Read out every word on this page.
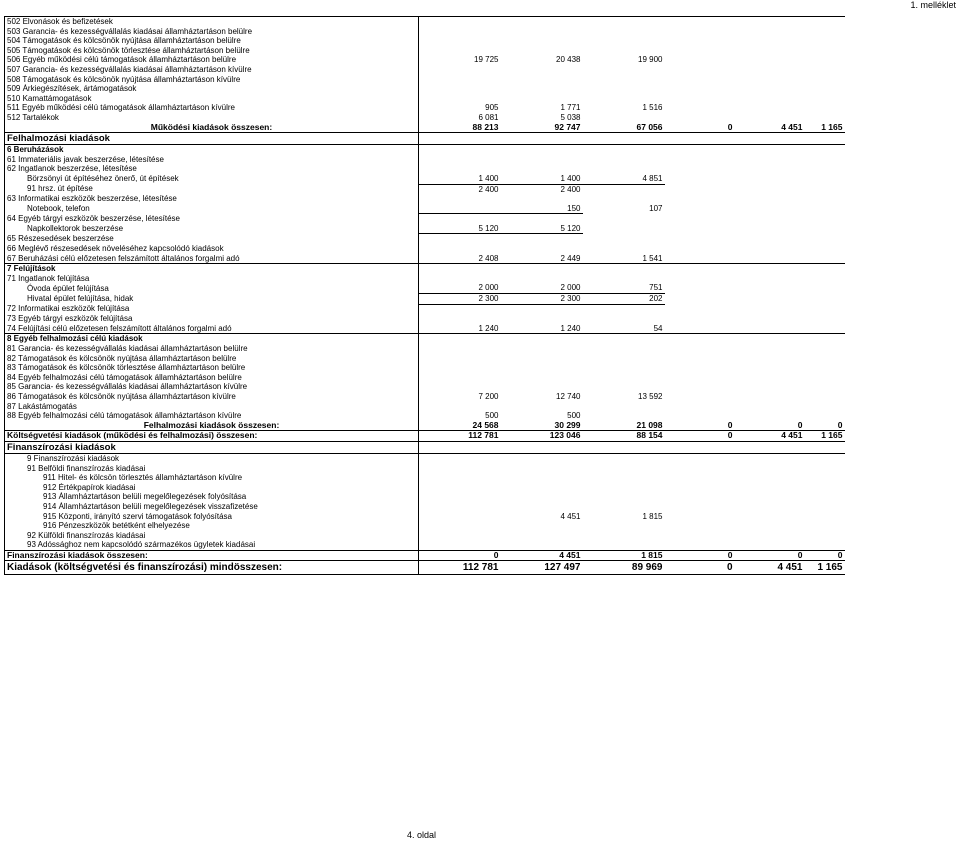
1. melléklet
502 Elvonások és befizetések						
503 Garancia- és kezességvállalás kiadásai államháztartáson belülre						
504 Támogatások és kölcsönök nyújtása államháztartáson belülre						
505 Támogatások és kölcsönök törlesztése államháztartáson belülre						
506 Egyéb működési célú támogatások államháztartáson belülre	19 725	20 438	19 900			
507 Garancia- és kezességvállalás kiadásai államháztartáson kívülre						
508 Támogatások és kölcsönök nyújtása államháztartáson kívülre						
509 Árkiegészítések, ártámogatások						
510 Kamattámogatások						
511 Egyéb működési célú támogatások államháztartáson kívülre	905	1 771	1 516			
512 Tartalékok	6 081	5 038				
Működési kiadások összesen:	88 213	92 747	67 056	0	4 451	1 165
Felhalmozási kiadások						
6 Beruházások						
61 Immateriális javak beszerzése, létesítése						
62 Ingatlanok beszerzése, létesítése						
Börzsönyi út építéséhez önerő, út építések	1 400	1 400	4 851			
91 hrsz. út építése	2 400	2 400				
63 Informatikai eszközök beszerzése, létesítése						
Notebook, telefon		150	107			
64 Egyéb tárgyi eszközök beszerzése, létesítése						
Napkollektorok beszerzése	5 120	5 120				
65 Részesedések beszerzése						
66 Meglévő részesedések növeléséhez kapcsolódó kiadások						
67 Beruházási célú előzetesen felszámított általános forgalmi adó	2 408	2 449	1 541			
7 Felújítások						
71 Ingatlanok felújítása						
Óvoda épület felújítása	2 000	2 000	751			
Hivatal épület felújítása, hidak	2 300	2 300	202			
72 Informatikai eszközök felújítása						
73 Egyéb tárgyi eszközök felújítása						
74 Felújítási célú előzetesen felszámított általános forgalmi adó	1 240	1 240	54			
8 Egyéb felhalmozási célú kiadások						
81 Garancia- és kezességvállalás kiadásai államháztartáson belülre						
82 Támogatások és kölcsönök nyújtása államháztartáson belülre						
83 Támogatások és kölcsönök törlesztése államháztartáson belülre						
84 Egyéb felhalmozási célú támogatások államháztartáson belülre						
85 Garancia- és kezességvállalás kiadásai államháztartáson kívülre						
86 Támogatások és kölcsönök nyújtása államháztartáson kívülre	7 200	12 740	13 592			
87 Lakástámogatás						
88 Egyéb felhalmozási célú támogatások államháztartáson kívülre	500	500				
Felhalmozási kiadások összesen:	24 568	30 299	21 098	0	0	0
Költségvetési kiadások (működési és felhalmozási) összesen:	112 781	123 046	88 154	0	4 451	1 165
Finanszírozási kiadások						
9 Finanszírozási kiadások						
91 Belföldi finanszírozás kiadásai						
911 Hitel- és kölcsön törlesztés államháztartáson kívülre						
912 Értékpapírok kiadásai						
913 Államháztartáson belüli megelőlegezések folyósítása						
914 Államháztartáson belüli megelőlegezések visszafizetése						
915 Központi, irányító szervi támogatások folyósítása		4 451	1 815			
916 Pénzeszközök betétként elhelyezése						
92 Külföldi finanszírozás kiadásai						
93 Adóssághoz nem kapcsolódó származékos ügyletek kiadásai						
Finanszírozási kiadások összesen:	0	4 451	1 815	0	0	0
Kiadások (költségvetési és finanszírozási) mindösszesen:	112 781	127 497	89 969	0	4 451	1 165
4. oldal
